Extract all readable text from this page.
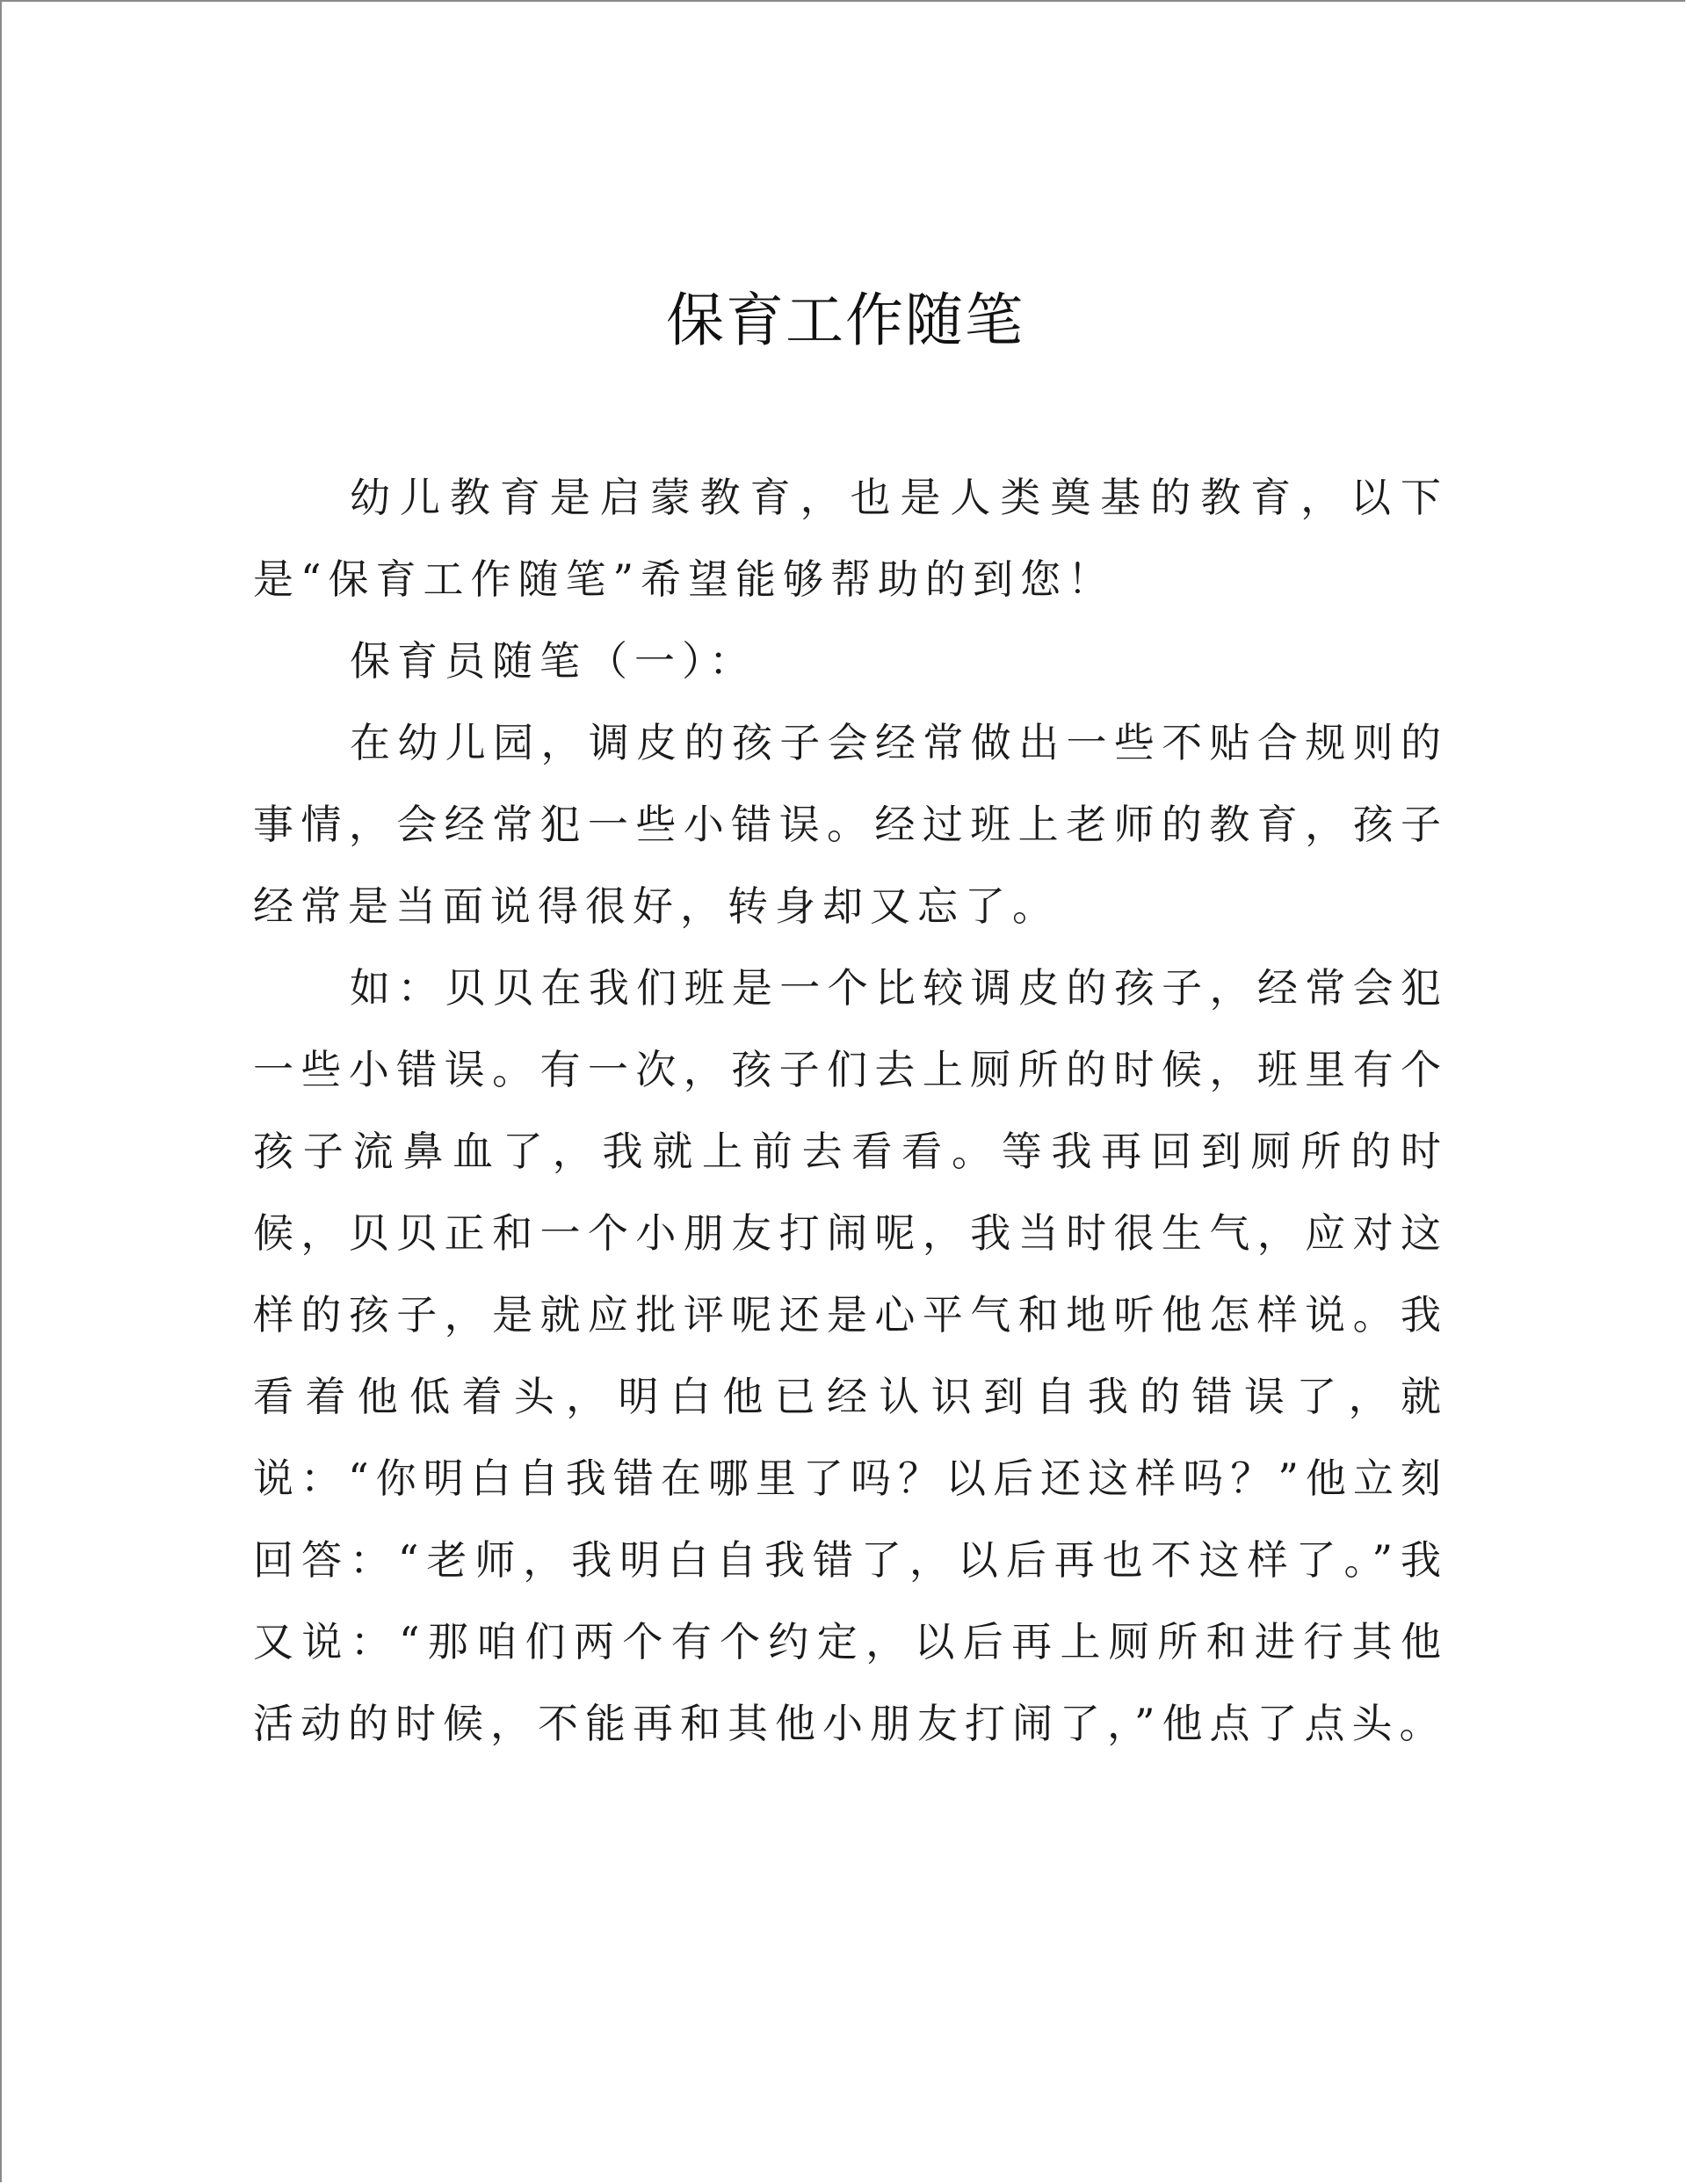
保育工作随笔

幼儿教育是启蒙教育，也是人类奠基的教育，以下是“保育工作随笔”希望能够帮助的到您！

保育员随笔（一）：

在幼儿园，调皮的孩子会经常做出一些不贴合规则的事情，会经常犯一些小错误。经过班上老师的教育，孩子经常是当面说得很好，转身却又忘了。

如：贝贝在我们班是一个比较调皮的孩子，经常会犯一些小错误。有一次，孩子们去上厕所的时候，班里有个孩子流鼻血了，我就上前去看看。等我再回到厕所的时候，贝贝正和一个小朋友打闹呢，我当时很生气，应对这样的孩子，是就应批评呢还是心平气和地听他怎样说。我看着他低着头，明白他已经认识到自我的错误了，就说：“你明白自我错在哪里了吗？以后还这样吗？”他立刻回答：“老师，我明白自我错了，以后再也不这样了。”我又说：“那咱们两个有个约定，以后再上厕所和进行其他活动的时候，不能再和其他小朋友打闹了，”他点了点头。
